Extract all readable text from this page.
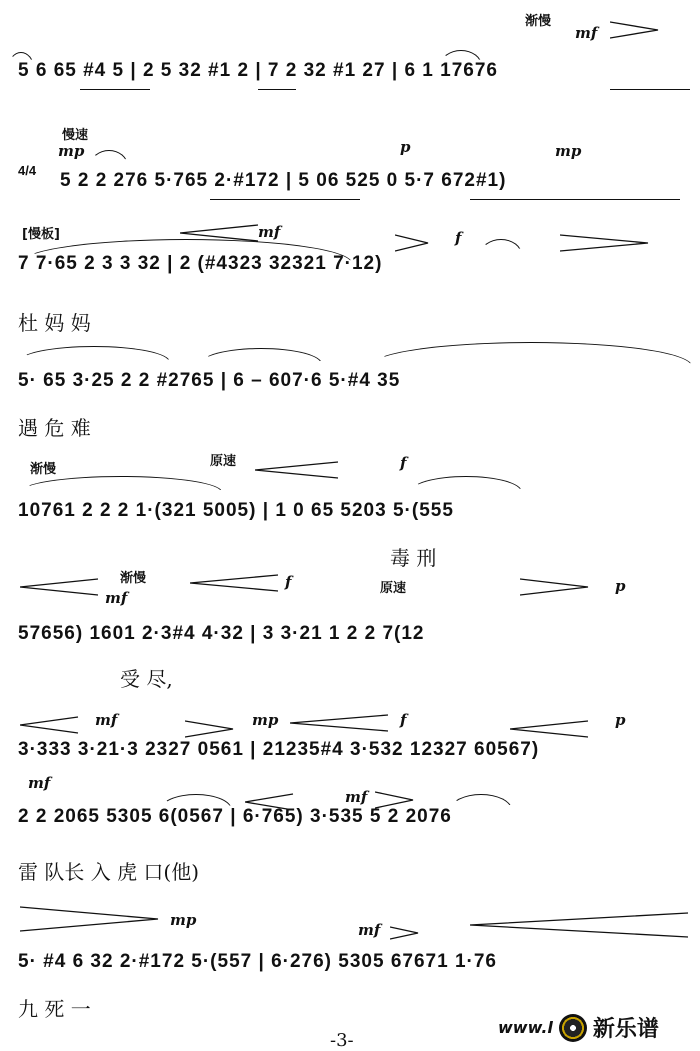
渐慢
mf
5 6 65 #4 5 | 2 5 32 #1 2 | 7 2 32 #1 27 | 6 1 17676
慢速
mp	p	mp
4/4 5 2 2 276 5·765 2·#172 | 5 06 525 0 5·7 672#1)
[慢板]	mf	f
7 7·65 2 3 3 32 | 2 (#4323 32321 7·12)
杜 妈 妈
5· 65 3·25 2 2 #2765 | 6 – 607·6 5·#4 35
遇 危 难
渐慢
原速	f
10761 2 2 2 1·(321 5005) | 1 0 65 5203 5·(555
毒 刑
渐慢
原速
mf
f	p
57656) 1601 2·3#4 4·32 | 3 3·21 1 2 2 7(12
受 尽,
mf	mp	f	p
3·333 3·21·3 2327 0561 | 21235#4 3·532 12327 60567)
mf
mf
2 2 2065 5305 6(0567 | 6·765) 3·535 5 2 2076
雷 队长 入 虎 口(他)
mp
mf
5· #4 6 32 2·#172 5·(557 | 6·276) 5305 67671 1·76
九 死 一
-3-
www.l 新乐谱
